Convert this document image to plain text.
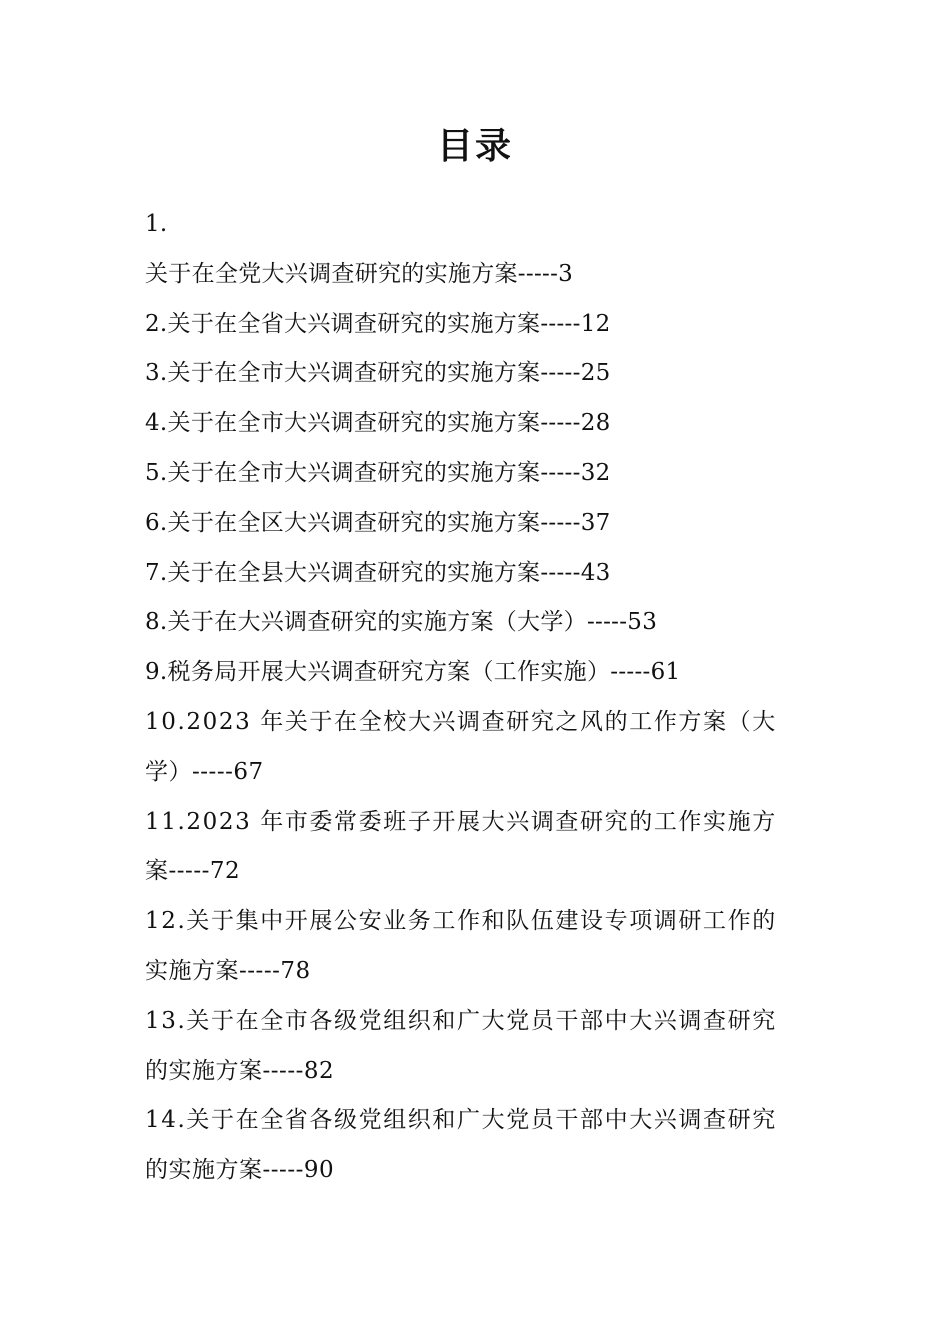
目录
1.
关于在全党大兴调查研究的实施方案-----3
2.关于在全省大兴调查研究的实施方案-----12
3.关于在全市大兴调查研究的实施方案-----25
4.关于在全市大兴调查研究的实施方案-----28
5.关于在全市大兴调查研究的实施方案-----32
6.关于在全区大兴调查研究的实施方案-----37
7.关于在全县大兴调查研究的实施方案-----43
8.关于在大兴调查研究的实施方案（大学）-----53
9.税务局开展大兴调查研究方案（工作实施）-----61
10.2023 年关于在全校大兴调查研究之风的工作方案（大
学）-----67
11.2023 年市委常委班子开展大兴调查研究的工作实施方
案-----72
12.关于集中开展公安业务工作和队伍建设专项调研工作的
实施方案-----78
13.关于在全市各级党组织和广大党员干部中大兴调查研究
的实施方案-----82
14.关于在全省各级党组织和广大党员干部中大兴调查研究
的实施方案-----90
